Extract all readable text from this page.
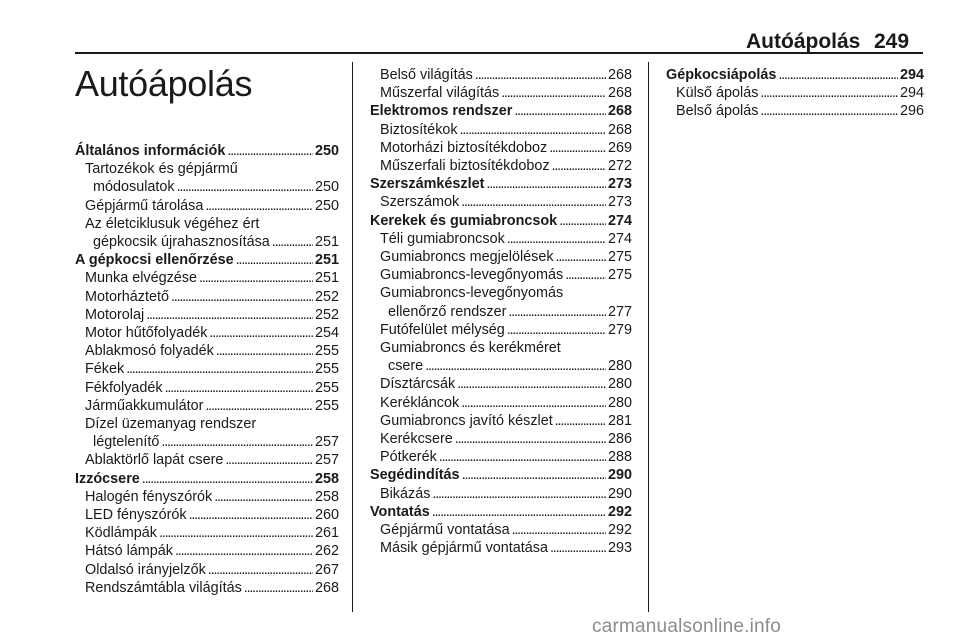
Autóápolás 249
Autóápolás
Általános információk . . .	250
Tartozékok és gépjármű
módosulatok . . .	250
Gépjármű tárolása . . .	250
Az életciklusuk végéhez ért
gépkocsik újrahasznosítása . . .	251
A gépkocsi ellenőrzése . . .	251
Munka elvégzése . . .	251
Motorháztető . . .	252
Motorolaj . . .	252
Motor hűtőfolyadék . . .	254
Ablakmosó folyadék . . .	255
Fékek . . .	255
Fékfolyadék . . .	255
Járműakkumulátor . . .	255
Dízel üzemanyag rendszer
légtelenítő . . .	257
Ablaktörlő lapát csere . . .	257
Izzócsere . . .	258
Halogén fényszórók . . .	258
LED fényszórók . . .	260
Ködlámpák . . .	261
Hátsó lámpák . . .	262
Oldalsó irányjelzők . . .	267
Rendszámtábla világítás . . .	268
Belső világítás . . .	268
Műszerfal világítás . . .	268
Elektromos rendszer . . .	268
Biztosítékok . . .	268
Motorházi biztosítékdoboz . . .	269
Műszerfali biztosítékdoboz . . .	272
Szerszámkészlet . . .	273
Szerszámok . . .	273
Kerekek és gumiabroncsok . . .	274
Téli gumiabroncsok . . .	274
Gumiabroncs megjelölések . . .	275
Gumiabroncs-levegőnyomás . . .	275
Gumiabroncs-levegőnyomás
ellenőrző rendszer . . .	277
Futófelület mélység . . .	279
Gumiabroncs és kerékméret
csere . . .	280
Dísztárcsák . . .	280
Kerékláncok . . .	280
Gumiabroncs javító készlet . . .	281
Kerékcsere . . .	286
Pótkerék . . .	288
Segédindítás . . .	290
Bikázás . . .	290
Vontatás . . .	292
Gépjármű vontatása . . .	292
Másik gépjármű vontatása . . .	293
Gépkocsiápolás . . .	294
Külső ápolás . . .	294
Belső ápolás . . .	296
carmanualsonline.info
